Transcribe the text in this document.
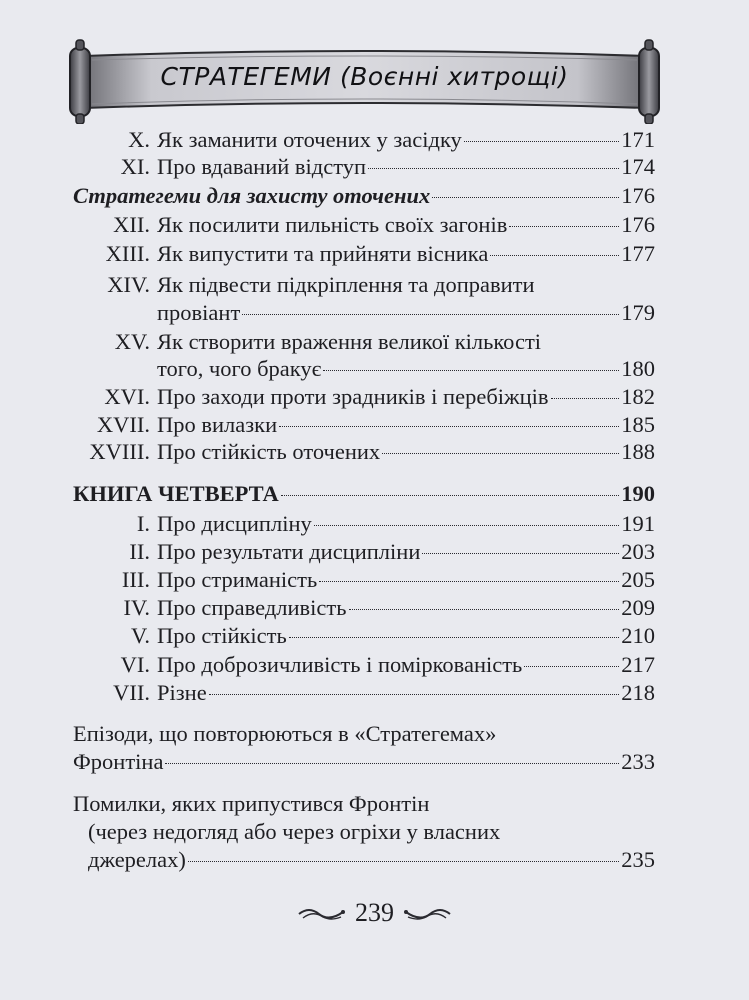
СТРАТЕГЕМИ (Воєнні хитрощі)
X. Як заманити оточених у засідку	171
XI. Про вдаваний відступ	174
Стратегеми для захисту оточених	176
XII. Як посилити пильність своїх загонів	176
XIII. Як випустити та прийняти вісника	177
XIV. Як підвести підкріплення та доправити
провіант	179
XV. Як створити враження великої кількості
того, чого бракує	180
XVI. Про заходи проти зрадників і перебіжців	182
XVII. Про вилазки	185
XVIII. Про стійкість оточених	188
КНИГА ЧЕТВЕРТА	190
I. Про дисципліну	191
II. Про результати дисципліни	203
III. Про стриманість	205
IV. Про справедливість	209
V. Про стійкість	210
VI. Про доброзичливість і поміркованість	217
VII. Різне	218
Епізоди, що повторюються в «Стратегемах»
Фронтіна	233
Помилки, яких припустився Фронтін
(через недогляд або через огріхи у власних
джерелах)	235
239
